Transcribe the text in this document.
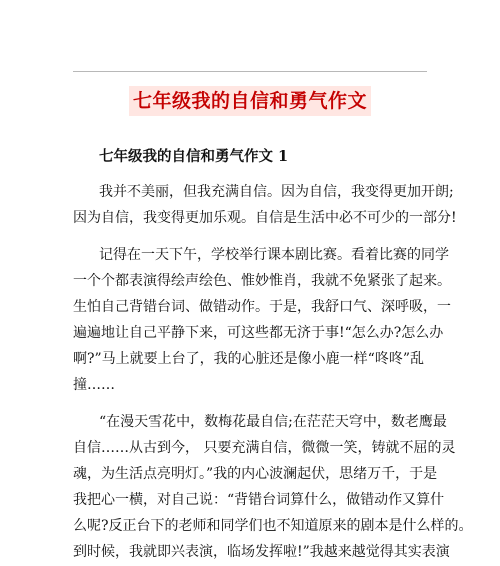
七年级我的自信和勇气作文
七年级我的自信和勇气作文 1
我并不美丽，但我充满自信。因为自信，我变得更加开朗;
因为自信，我变得更加乐观。自信是生活中必不可少的一部分!
记得在一天下午，学校举行课本剧比赛。看着比赛的同学
一个个都表演得绘声绘色、惟妙惟肖，我就不免紧张了起来。
生怕自己背错台词、做错动作。于是，我舒口气、深呼吸，一
遍遍地让自己平静下来，可这些都无济于事!“怎么办?怎么办
啊?”马上就要上台了，我的心脏还是像小鹿一样“咚咚”乱
撞……
“在漫天雪花中，数梅花最自信;在茫茫天穹中，数老鹰最
自信……从古到今， 只要充满自信，微微一笑，铸就不屈的灵
魂，为生活点亮明灯。”我的内心波澜起伏，思绪万千，于是
我把心一横，对自己说：“背错台词算什么，做错动作又算什
么呢?反正台下的老师和同学们也不知道原来的剧本是什么样的。
到时候，我就即兴表演，临场发挥啦!”我越来越觉得其实表演
